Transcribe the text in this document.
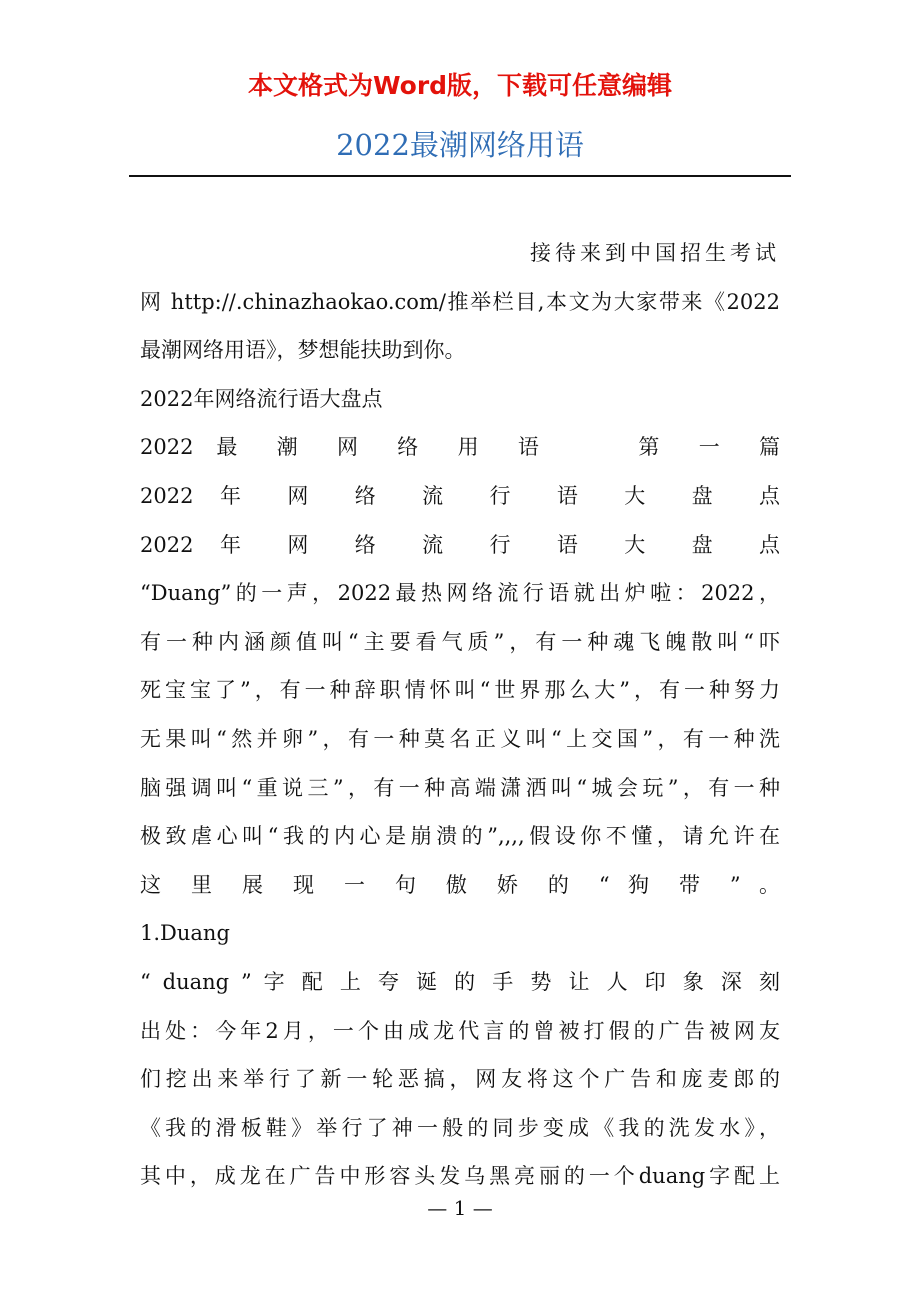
本文格式为Word版，下载可任意编辑
2022最潮网络用语
接待来到中国招生考试
网 http://.chinazhaokao.com/推举栏目,本文为大家带来《2022
最潮网络用语》，梦想能扶助到你。
2022年网络流行语大盘点
2022 最 潮 网 络 用 语 　 第 一 篇
2022 年 网 络 流 行 语 大 盘 点
2022 年 网 络 流 行 语 大 盘 点
“Duang”的一声，2022最热网络流行语就出炉啦：2022，
有一种内涵颜值叫“主要看气质”，有一种魂飞魄散叫“吓
死宝宝了”，有一种辞职情怀叫“世界那么大”，有一种努力
无果叫“然并卵”，有一种莫名正义叫“上交国”，有一种洗
脑强调叫“重说三”，有一种高端潇洒叫“城会玩”，有一种
极致虐心叫“我的内心是崩溃的”,,,,假设你不懂，请允许在
这 里 展 现 一 句 傲 娇 的 “ 狗 带 ” 。
1.Duang
“ duang ” 字 配 上 夸 诞 的 手 势 让 人 印 象 深 刻
出处：今年2月，一个由成龙代言的曾被打假的广告被网友
们挖出来举行了新一轮恶搞，网友将这个广告和庞麦郎的
《我的滑板鞋》举行了神一般的同步变成《我的洗发水》，
其中，成龙在广告中形容头发乌黑亮丽的一个duang字配上
— 1 —
